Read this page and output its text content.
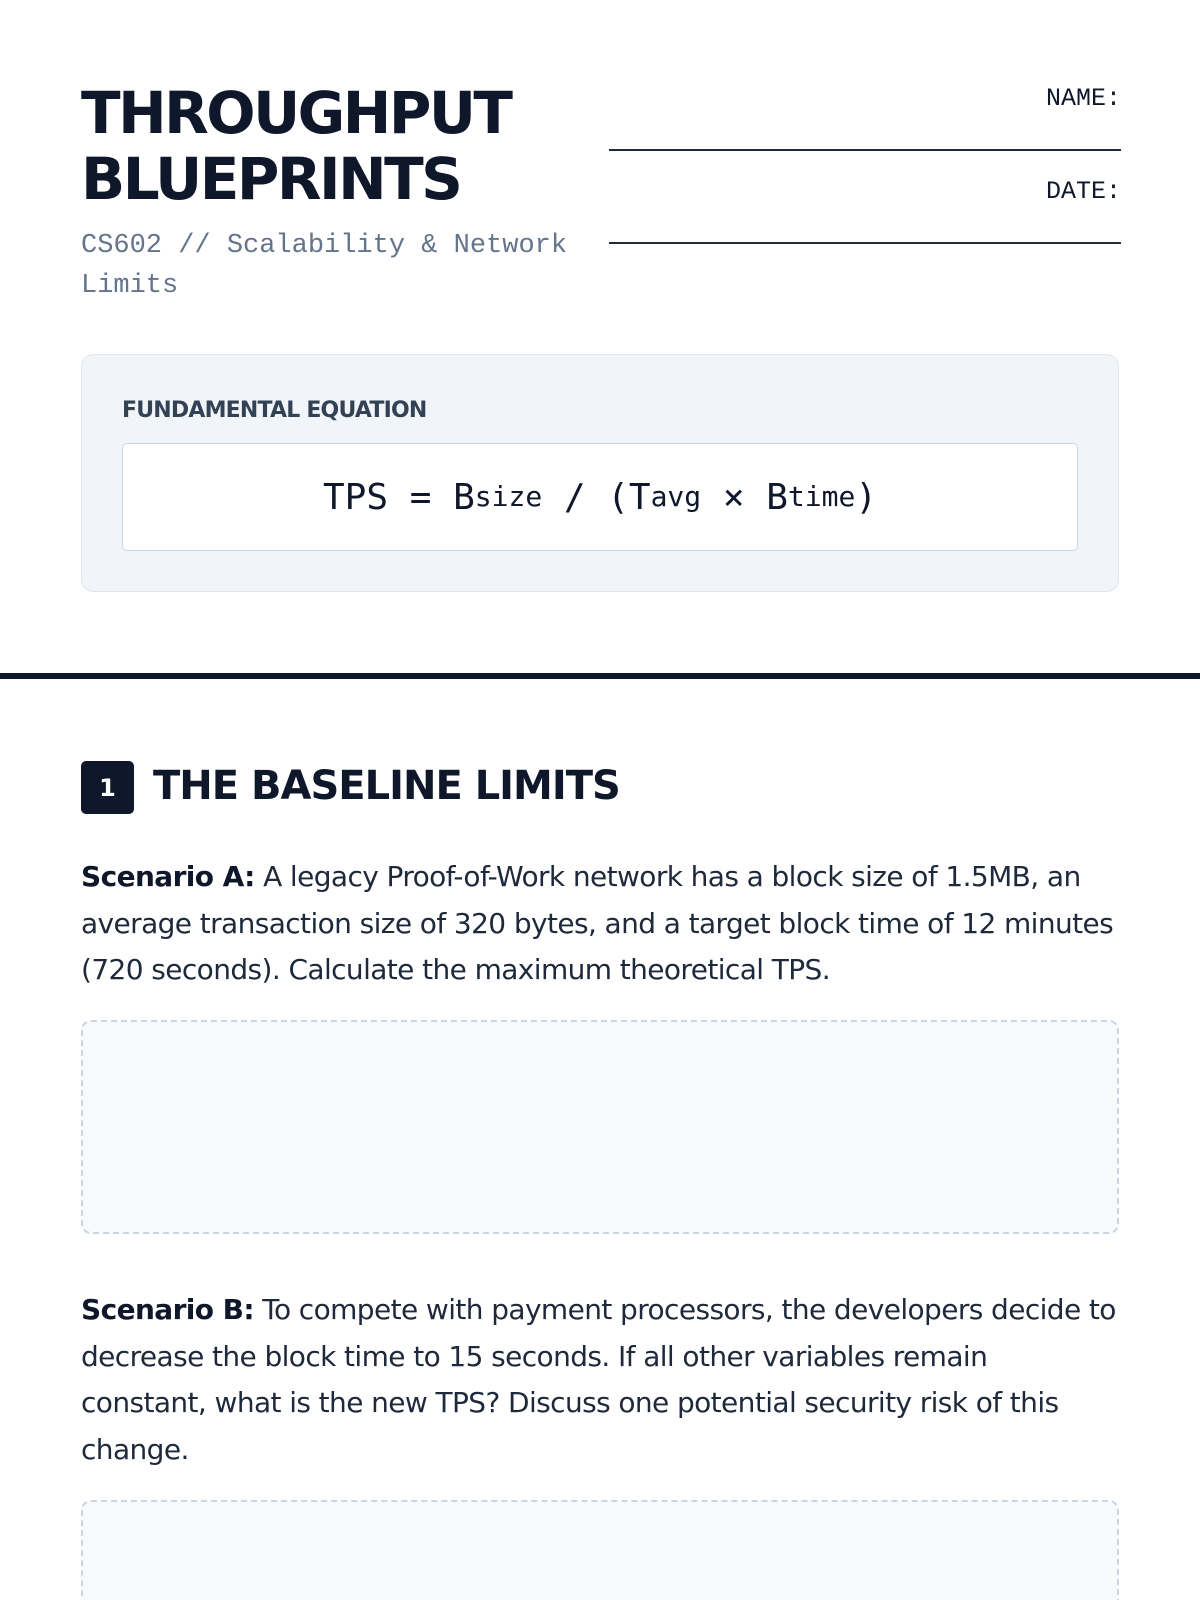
THROUGHPUT
BLUEPRINTS
CS602 // Scalability & Network Limits
NAME:
DATE:
FUNDAMENTAL EQUATION
TPS = B size / ( T avg × B time )
1 THE BASELINE LIMITS
Scenario A: A legacy Proof-of-Work network has a block size of 1.5MB, an average transaction size of 320 bytes, and a target block time of 12 minutes (720 seconds). Calculate the maximum theoretical TPS.
Scenario B: To compete with payment processors, the developers decide to decrease the block time to 15 seconds. If all other variables remain constant, what is the new TPS? Discuss one potential security risk of this change.
